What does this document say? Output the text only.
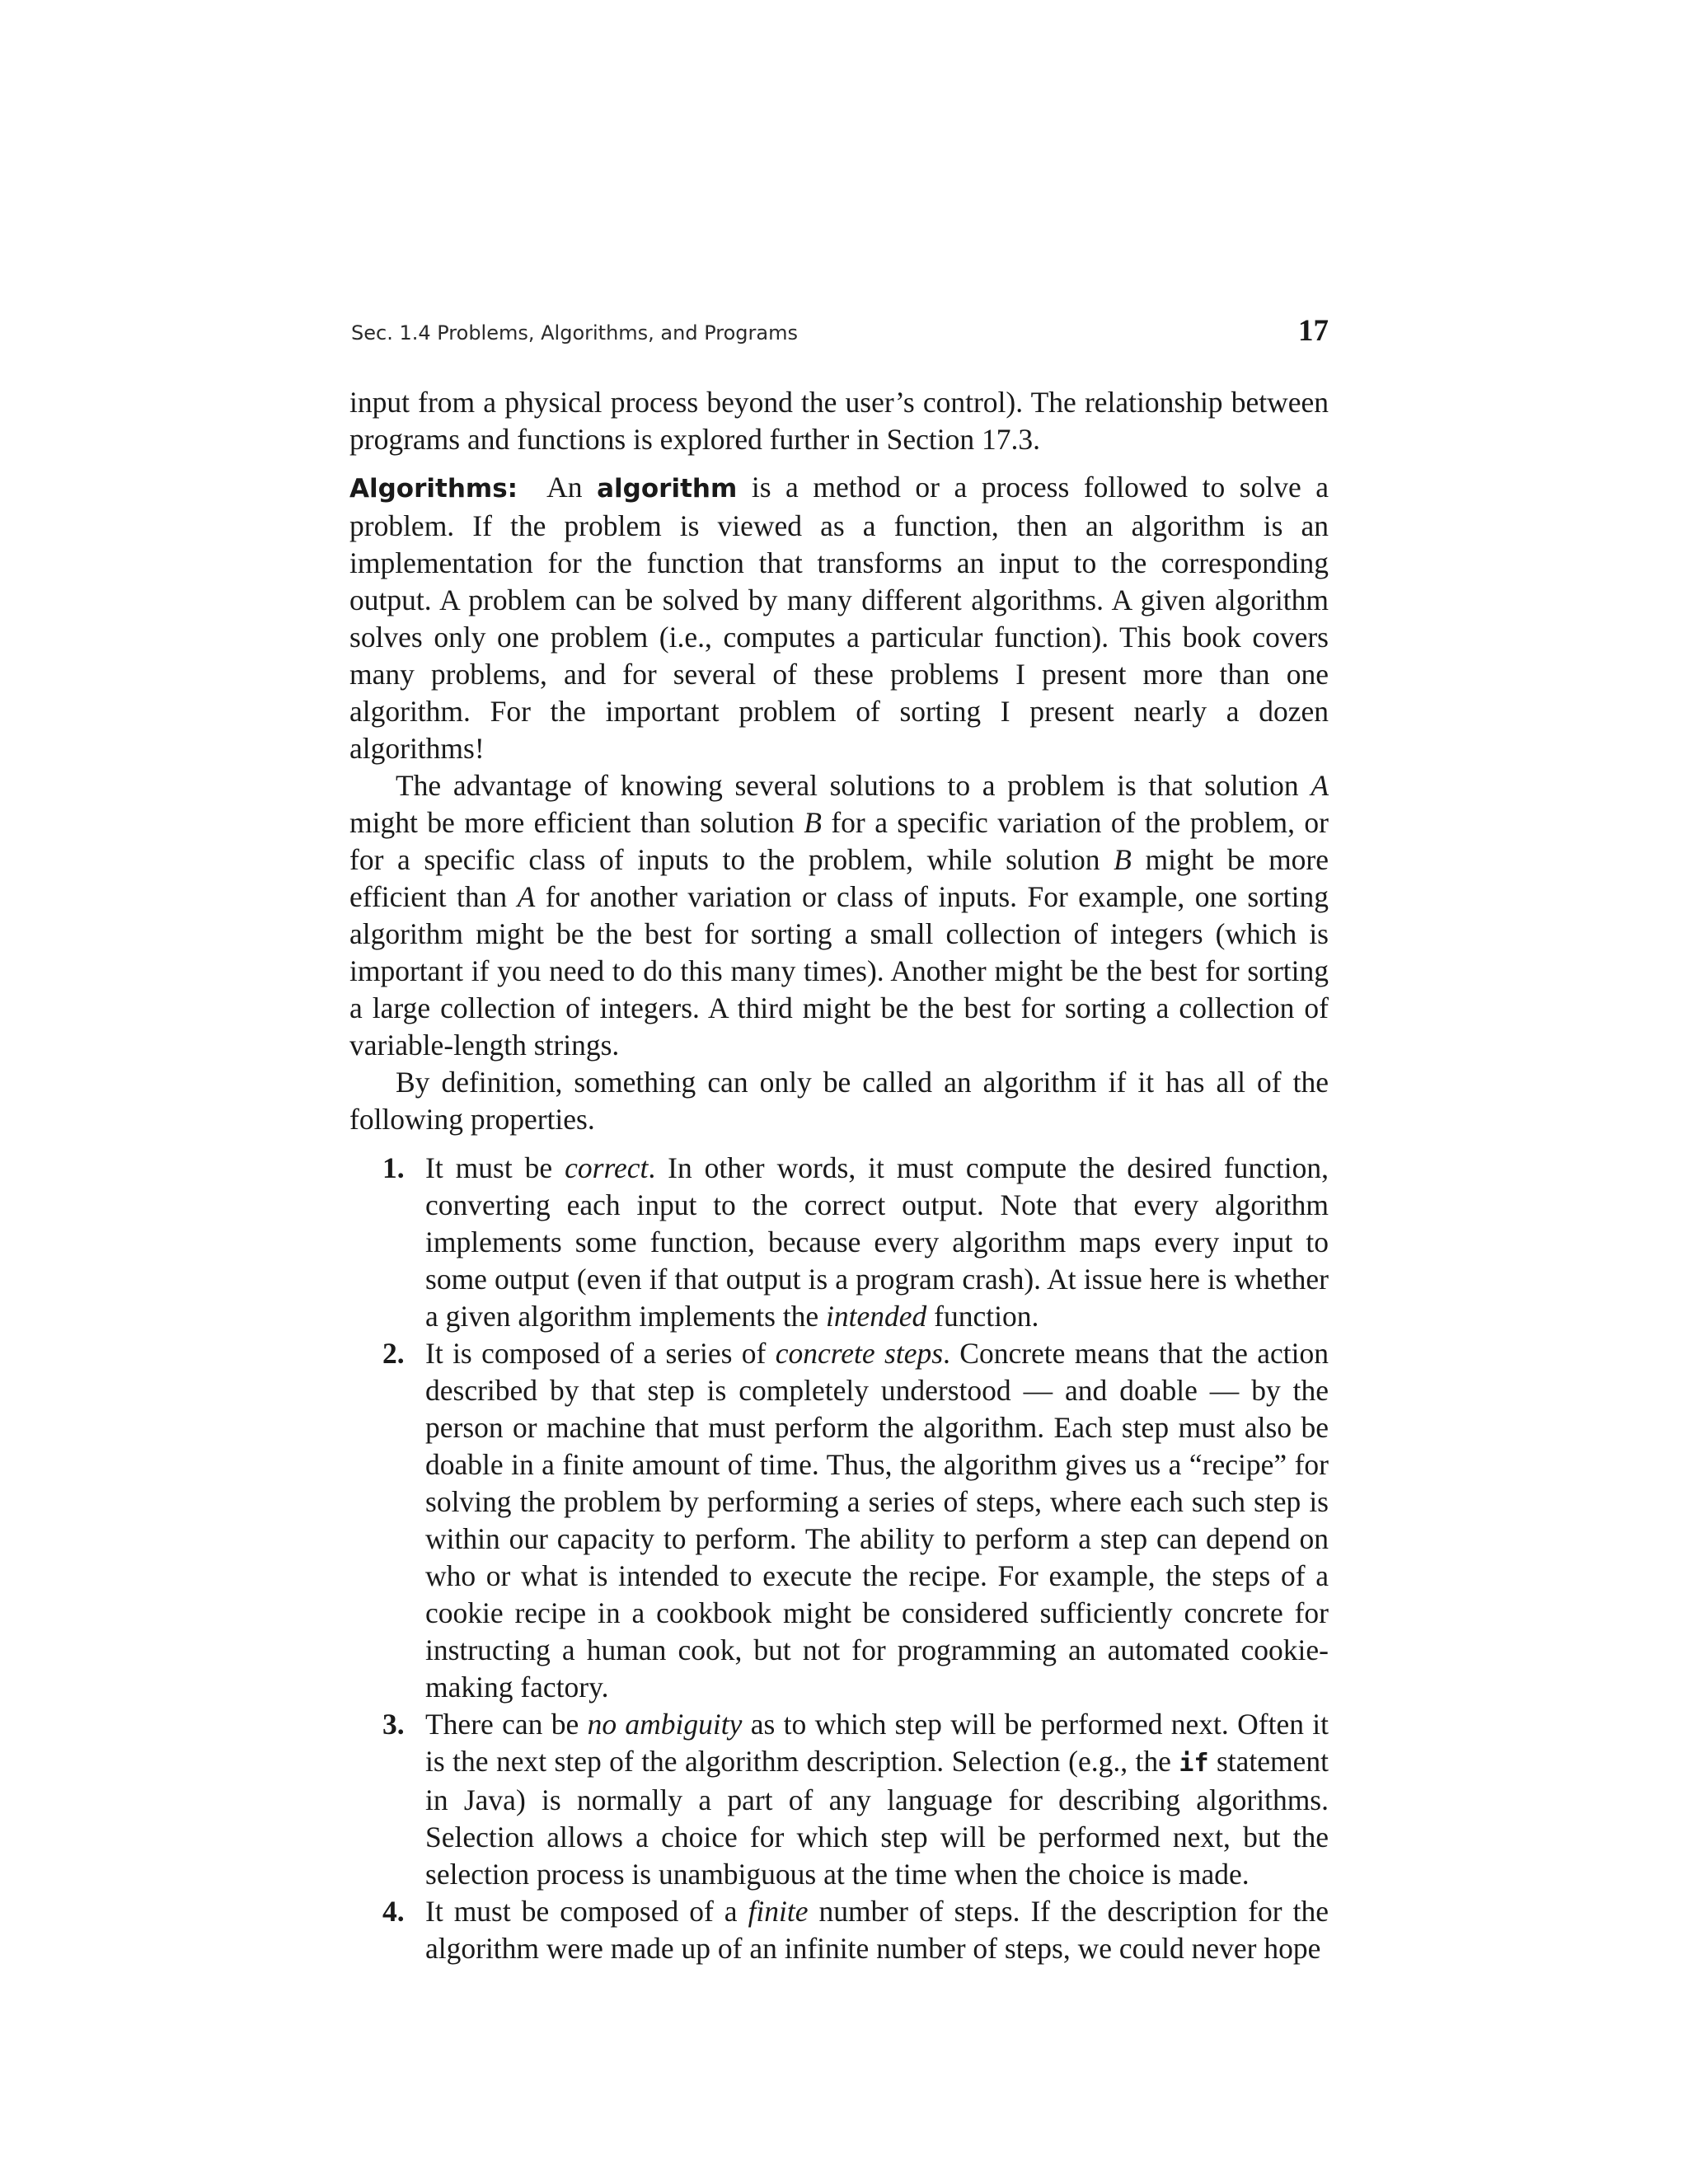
Sec. 1.4 Problems, Algorithms, and Programs	17

input from a physical process beyond the user’s control). The relationship between programs and functions is explored further in Section 17.3.

Algorithms: An algorithm is a method or a process followed to solve a problem. If the problem is viewed as a function, then an algorithm is an implementation for the function that transforms an input to the corresponding output. A problem can be solved by many different algorithms. A given algorithm solves only one problem (i.e., computes a particular function). This book covers many problems, and for several of these problems I present more than one algorithm. For the important problem of sorting I present nearly a dozen algorithms!

The advantage of knowing several solutions to a problem is that solution A might be more efficient than solution B for a specific variation of the problem, or for a specific class of inputs to the problem, while solution B might be more efficient than A for another variation or class of inputs. For example, one sorting algorithm might be the best for sorting a small collection of integers (which is important if you need to do this many times). Another might be the best for sorting a large collection of integers. A third might be the best for sorting a collection of variable-length strings.

By definition, something can only be called an algorithm if it has all of the following properties.

1. It must be correct. In other words, it must compute the desired function, converting each input to the correct output. Note that every algorithm implements some function, because every algorithm maps every input to some output (even if that output is a program crash). At issue here is whether a given algorithm implements the intended function.
2. It is composed of a series of concrete steps. Concrete means that the action described by that step is completely understood — and doable — by the person or machine that must perform the algorithm. Each step must also be doable in a finite amount of time. Thus, the algorithm gives us a “recipe” for solving the problem by performing a series of steps, where each such step is within our capacity to perform. The ability to perform a step can depend on who or what is intended to execute the recipe. For example, the steps of a cookie recipe in a cookbook might be considered sufficiently concrete for instructing a human cook, but not for programming an automated cookie-making factory.
3. There can be no ambiguity as to which step will be performed next. Often it is the next step of the algorithm description. Selection (e.g., the if statement in Java) is normally a part of any language for describing algorithms. Selection allows a choice for which step will be performed next, but the selection process is unambiguous at the time when the choice is made.
4. It must be composed of a finite number of steps. If the description for the algorithm were made up of an infinite number of steps, we could never hope
